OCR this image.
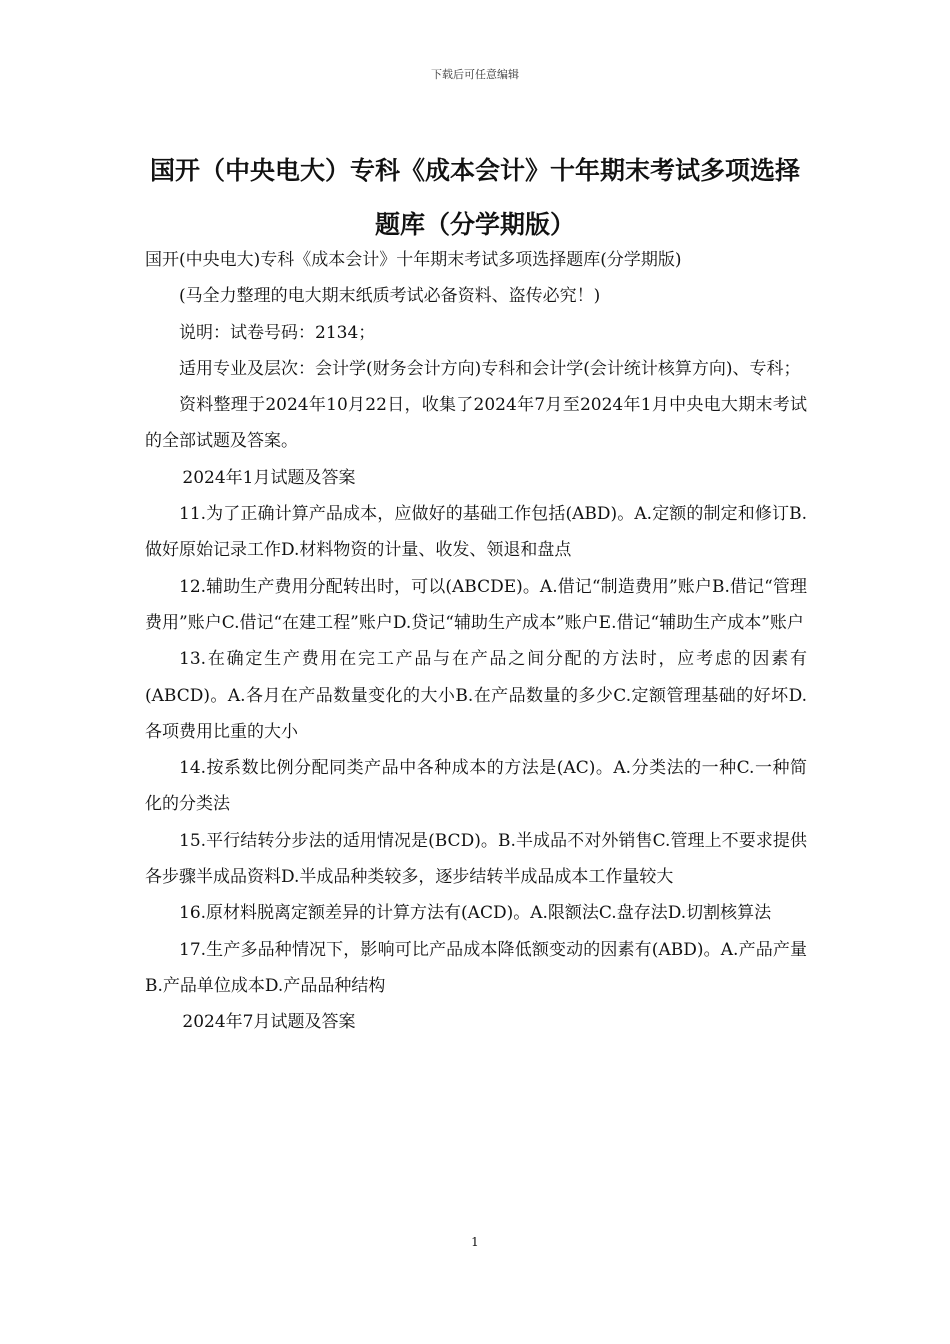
下载后可任意编辑
国开（中央电大）专科《成本会计》十年期末考试多项选择题库（分学期版）

国开(中央电大)专科《成本会计》十年期末考试多项选择题库(分学期版)

(马全力整理的电大期末纸质考试必备资料、盗传必究！)

说明：试卷号码：2134；

适用专业及层次：会计学(财务会计方向)专科和会计学(会计统计核算方向)、专科；

资料整理于2024年10月22日，收集了2024年7月至2024年1月中央电大期末考试的全部试题及答案。

2024年1月试题及答案

11.为了正确计算产品成本，应做好的基础工作包括(ABD)。A.定额的制定和修订B.做好原始记录工作D.材料物资的计量、收发、领退和盘点

12.辅助生产费用分配转出时，可以(ABCDE)。A.借记“制造费用”账户B.借记“管理费用”账户C.借记“在建工程”账户D.贷记“辅助生产成本”账户E.借记“辅助生产成本”账户

13.在确定生产费用在完工产品与在产品之间分配的方法时，应考虑的因素有(ABCD)。A.各月在产品数量变化的大小B.在产品数量的多少C.定额管理基础的好坏D.各项费用比重的大小

14.按系数比例分配同类产品中各种成本的方法是(AC)。A.分类法的一种C.一种简化的分类法

15.平行结转分步法的适用情况是(BCD)。B.半成品不对外销售C.管理上不要求提供各步骤半成品资料D.半成品种类较多，逐步结转半成品成本工作量较大

16.原材料脱离定额差异的计算方法有(ACD)。A.限额法C.盘存法D.切割核算法

17.生产多品种情况下，影响可比产品成本降低额变动的因素有(ABD)。A.产品产量B.产品单位成本D.产品品种结构

2024年7月试题及答案

1
